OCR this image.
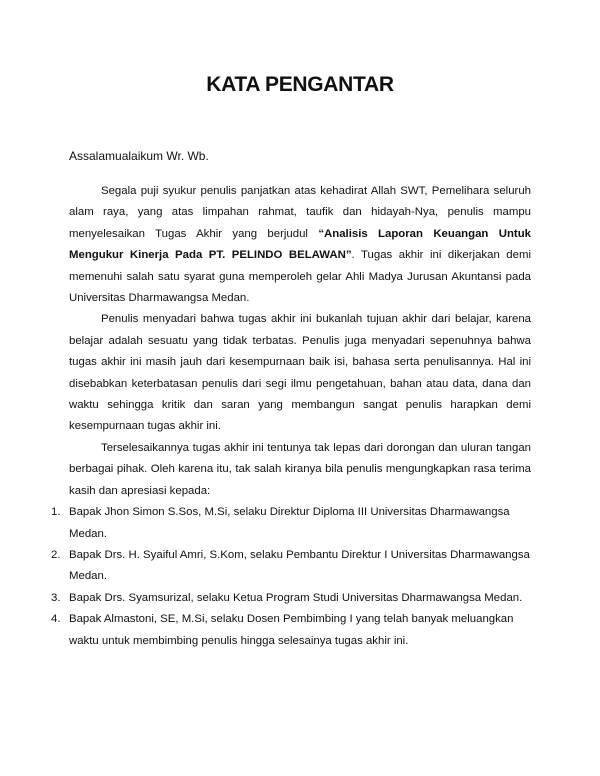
KATA PENGANTAR
Assalamualaikum Wr. Wb.

Segala puji syukur penulis panjatkan atas kehadirat Allah SWT, Pemelihara seluruh alam raya, yang atas limpahan rahmat, taufik dan hidayah-Nya, penulis mampu menyelesaikan Tugas Akhir yang berjudul “Analisis Laporan Keuangan Untuk Mengukur Kinerja Pada PT. PELINDO BELAWAN”. Tugas akhir ini dikerjakan demi memenuhi salah satu syarat guna memperoleh gelar Ahli Madya Jurusan Akuntansi pada Universitas Dharmawangsa Medan.

Penulis menyadari bahwa tugas akhir ini bukanlah tujuan akhir dari belajar, karena belajar adalah sesuatu yang tidak terbatas. Penulis juga menyadari sepenuhnya bahwa tugas akhir ini masih jauh dari kesempurnaan baik isi, bahasa serta penulisannya. Hal ini disebabkan keterbatasan penulis dari segi ilmu pengetahuan, bahan atau data, dana dan waktu sehingga kritik dan saran yang membangun sangat penulis harapkan demi kesempurnaan tugas akhir ini.

Terselesaikannya tugas akhir ini tentunya tak lepas dari dorongan dan uluran tangan berbagai pihak. Oleh karena itu, tak salah kiranya bila penulis mengungkapkan rasa terima kasih dan apresiasi kepada:

1. Bapak Jhon Simon S.Sos, M.Si, selaku Direktur Diploma III Universitas Dharmawangsa Medan.
2. Bapak Drs. H. Syaiful Amri, S.Kom, selaku Pembantu Direktur I Universitas Dharmawangsa Medan.
3. Bapak Drs. Syamsurizal, selaku Ketua Program Studi Universitas Dharmawangsa Medan.
4. Bapak Almastoni, SE, M.Si, selaku Dosen Pembimbing I yang telah banyak meluangkan waktu untuk membimbing penulis hingga selesainya tugas akhir ini.
